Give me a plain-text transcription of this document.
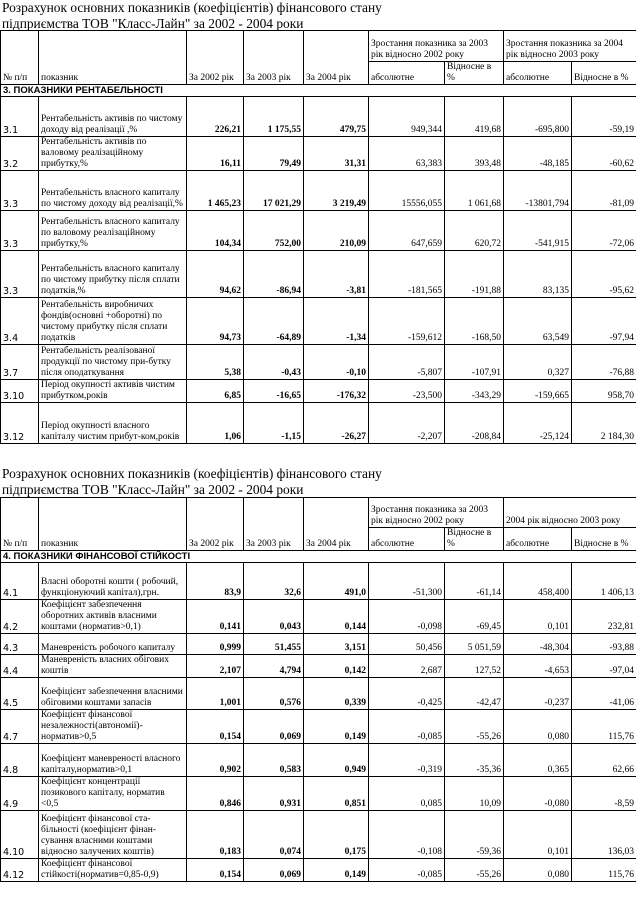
Розрахунок основних показників (коефіцієнтів) фінансового стану
підприємства ТОВ "Класс-Лайн" за 2002 - 2004 роки
№ п/п	показник	За 2002 рік	За 2003 рік	За 2004 рік	Зростання показника за 2003 рік відносно 2002 року		Зростання показника за 2004 рік відносно 2003 року	
					абсолютне	Відносне в %	абсолютне	Відносне в %
3. ПОКАЗНИКИ РЕНТАБЕЛЬНОСТІ								
3.1	Рентабельність активів по чистому доходу від реалізації ,%	226,21	1 175,55	479,75	949,344	419,68	-695,800	-59,19
3.2	Рентабельність активів по валовому реалізаційному прибутку,%	16,11	79,49	31,31	63,383	393,48	-48,185	-60,62
3.3	Рентабельність власного капиталу по чистому доходу від реалізації,%	1 465,23	17 021,29	3 219,49	15556,055	1 061,68	-13801,794	-81,09
3.3	Рентабельність власного капиталу по валовому реалізаційному прибутку,%	104,34	752,00	210,09	647,659	620,72	-541,915	-72,06
3.3	Рентабельність власного капиталу по чистому прибутку після сплати податків,%	94,62	-86,94	-3,81	-181,565	-191,88	83,135	-95,62
3.4	Рентабельність виробничих фондів(основні +оборотні) по чистому прибутку після сплати податків	94,73	-64,89	-1,34	-159,612	-168,50	63,549	-97,94
3.7	Рентабельність реалізованої продукції по чистому при-бутку після оподаткування	5,38	-0,43	-0,10	-5,807	-107,91	0,327	-76,88
3.10	Період окупності активів чистим прибутком,років	6,85	-16,65	-176,32	-23,500	-343,29	-159,665	958,70
3.12	Період окупності власного капіталу чистим прибут-ком,років	1,06	-1,15	-26,27	-2,207	-208,84	-25,124	2 184,30
Розрахунок основних показників (коефіцієнтів) фінансового стану
підприємства ТОВ "Класс-Лайн" за 2002 - 2004 роки
№ п/п	показник	За 2002 рік	За 2003 рік	За 2004 рік	Зростання показника за 2003 рік відносно 2002 року		2004 рік відносно 2003 року	
					абсолютне	Відносне в %	абсолютне	Відносне в %
4. ПОКАЗНИКИ ФІНАНСОВОЇ СТІЙКОСТІ								
4.1	Власні оборотні кошти ( робочий, функціонуючий капітал),грн.	83,9	32,6	491,0	-51,300	-61,14	458,400	1 406,13
4.2	Коефіцієнт забезпечення оборотних активів власними коштами (норматив>0,1)	0,141	0,043	0,144	-0,098	-69,45	0,101	232,81
4.3	Маневреність робочого капиталу	0,999	51,455	3,151	50,456	5 051,59	-48,304	-93,88
4.4	Маневреність власних обігових коштів	2,107	4,794	0,142	2,687	127,52	-4,653	-97,04
4.5	Коефіцієнт забезпечення власними обіговими коштами запасів	1,001	0,576	0,339	-0,425	-42,47	-0,237	-41,06
4.7	Коефіцієнт фінансової незалежності(автономії)-норматив>0,5	0,154	0,069	0,149	-0,085	-55,26	0,080	115,76
4.8	Коефіцієнт маневреності власного капіталу,норматив>0,1	0,902	0,583	0,949	-0,319	-35,36	0,365	62,66
4.9	Коефіцієнт концентрації позикового капіталу, норматив <0,5	0,846	0,931	0,851	0,085	10,09	-0,080	-8,59
4.10	Коефіцієнт фінансової ста-більності (коефіцієнт фінан-сування власними коштами відносно залучених коштів)	0,183	0,074	0,175	-0,108	-59,36	0,101	136,03
4.12	Коефіцієнт фінансової стійкості(норматив=0,85-0,9)	0,154	0,069	0,149	-0,085	-55,26	0,080	115,76
